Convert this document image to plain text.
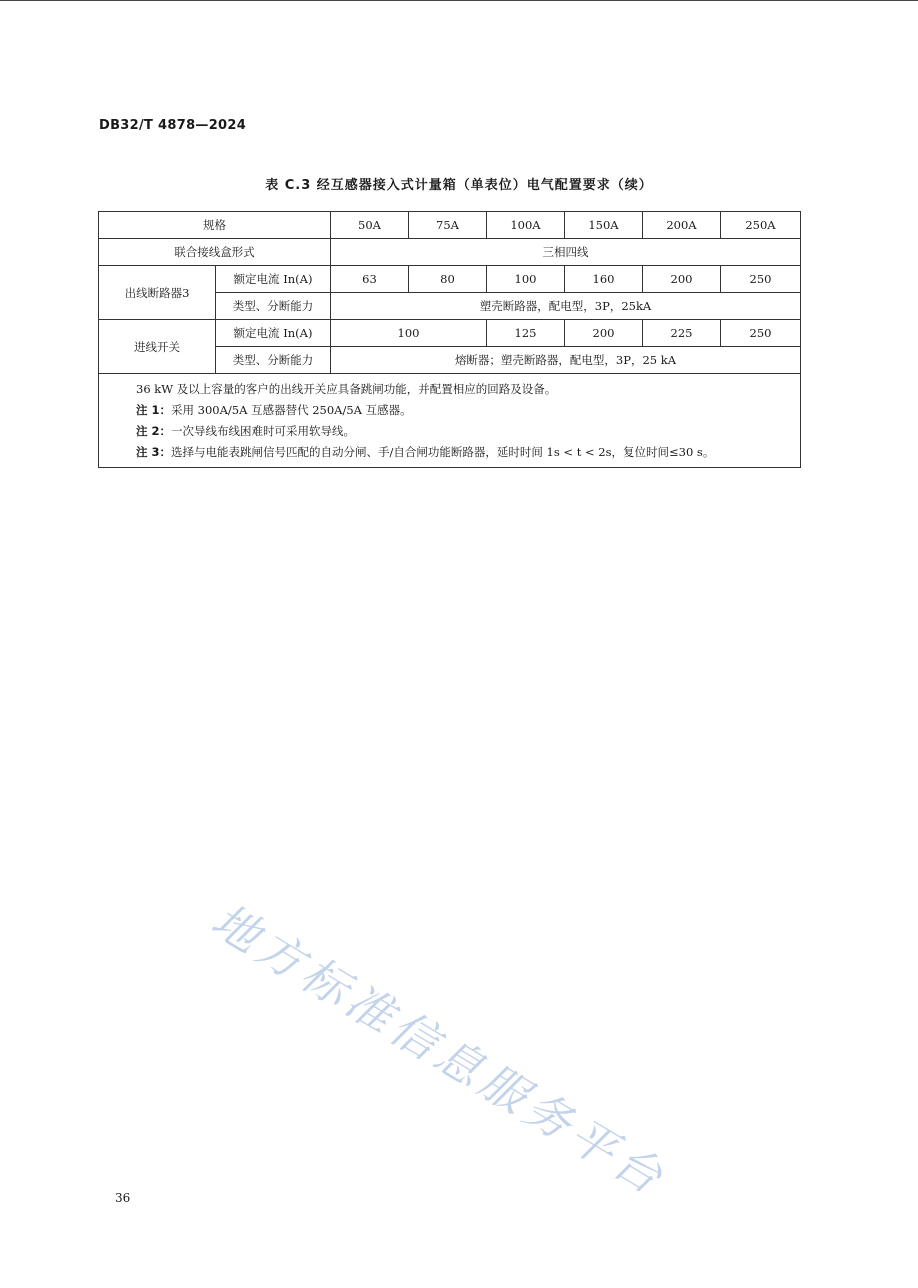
DB32/T 4878—2024
表 C.3 经互感器接入式计量箱（单表位）电气配置要求（续）
规格		50A	75A	100A	150A	200A	250A
联合接线盒形式		三相四线					
出线断路器3	额定电流 In(A)	63	80	100	160	200	250
	类型、分断能力	塑壳断路器，配电型，3P，25kA					
进线开关	额定电流 In(A)	100		125	200	225	250
	类型、分断能力	熔断器；塑壳断路器，配电型，3P，25 kA					

36 kW 及以上容量的客户的出线开关应具备跳闸功能，并配置相应的回路及设备。
注 1：采用 300A/5A 互感器替代 250A/5A 互感器。
注 2：一次导线布线困难时可采用软导线。
注 3：选择与电能表跳闸信号匹配的自动分闸、手/自合闸功能断路器，延时时间 1s < t < 2s，复位时间≤30 s。							
地方标准信息服务平台
36
